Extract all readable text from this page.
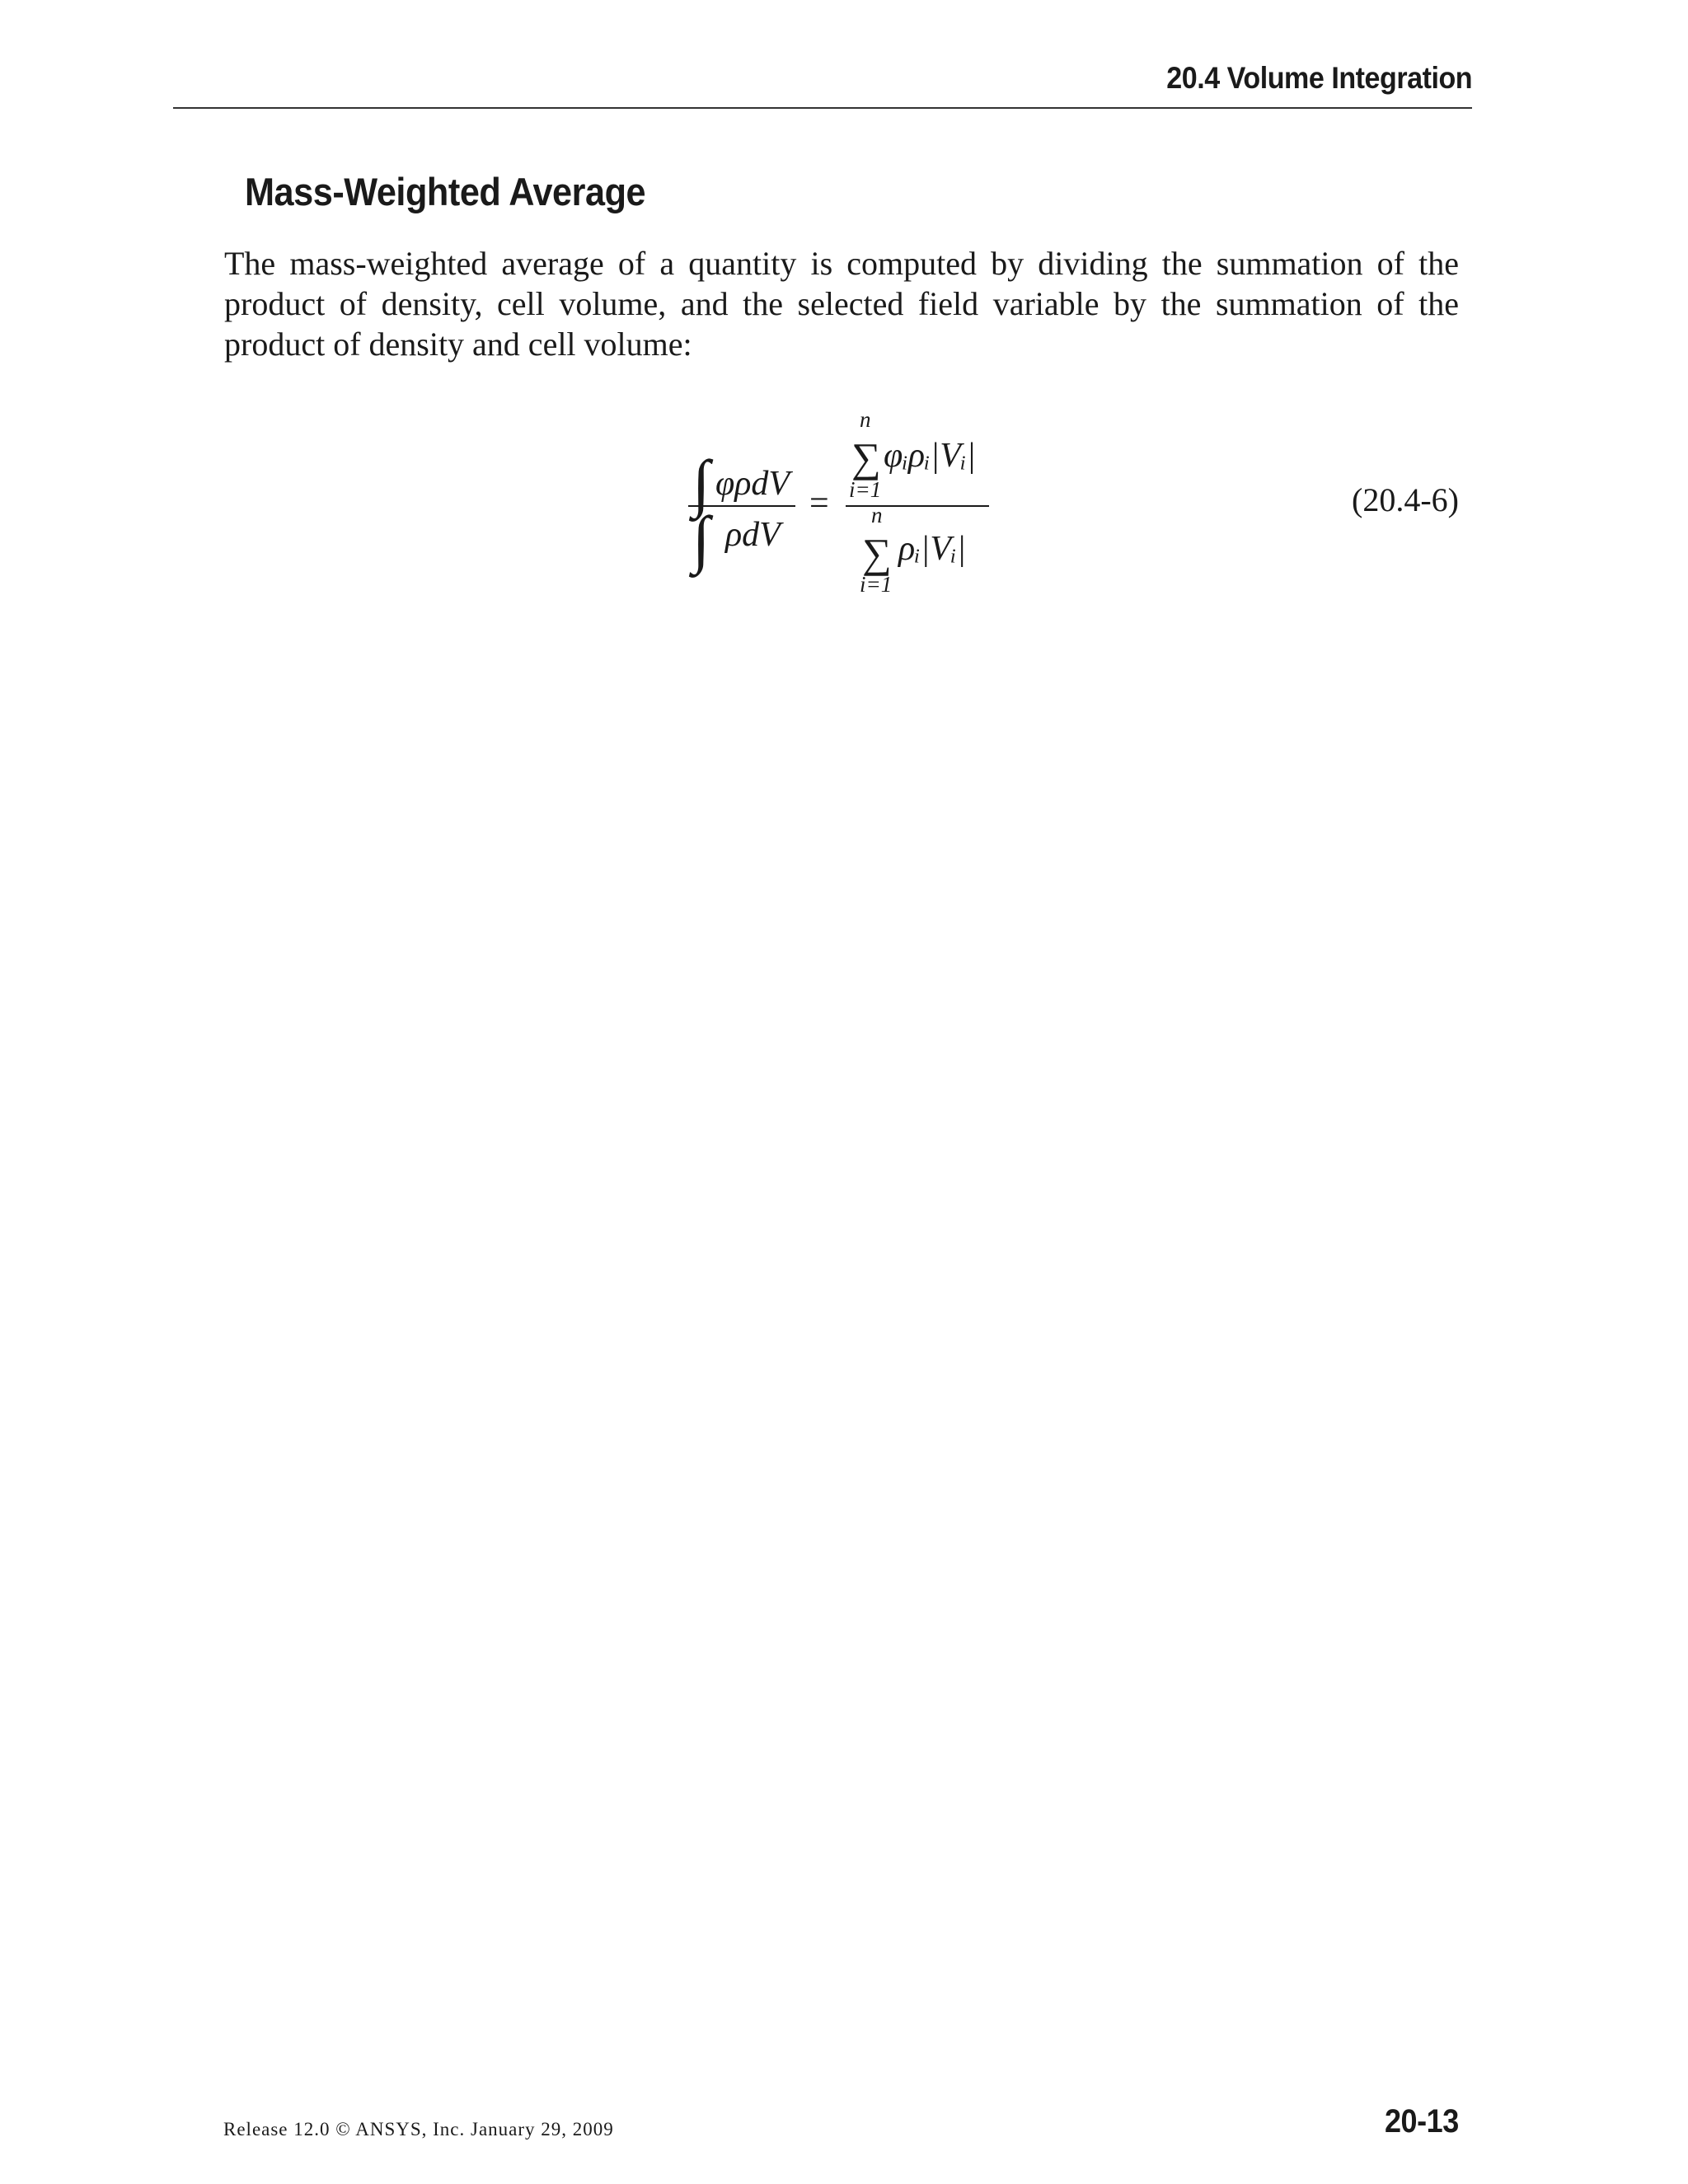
20.4 Volume Integration
Mass-Weighted Average

The mass-weighted average of a quantity is computed by dividing the summation of the product of density, cell volume, and the selected field variable by the summation of the product of density and cell volume:

∫ φρdV
∫ ρdV
=
n
∑
i=1
φᵢρᵢ|Vᵢ|
n
∑
i=1
ρᵢ|Vᵢ|
(20.4-6)
Release 12.0 © ANSYS, Inc. January 29, 2009	20-13
